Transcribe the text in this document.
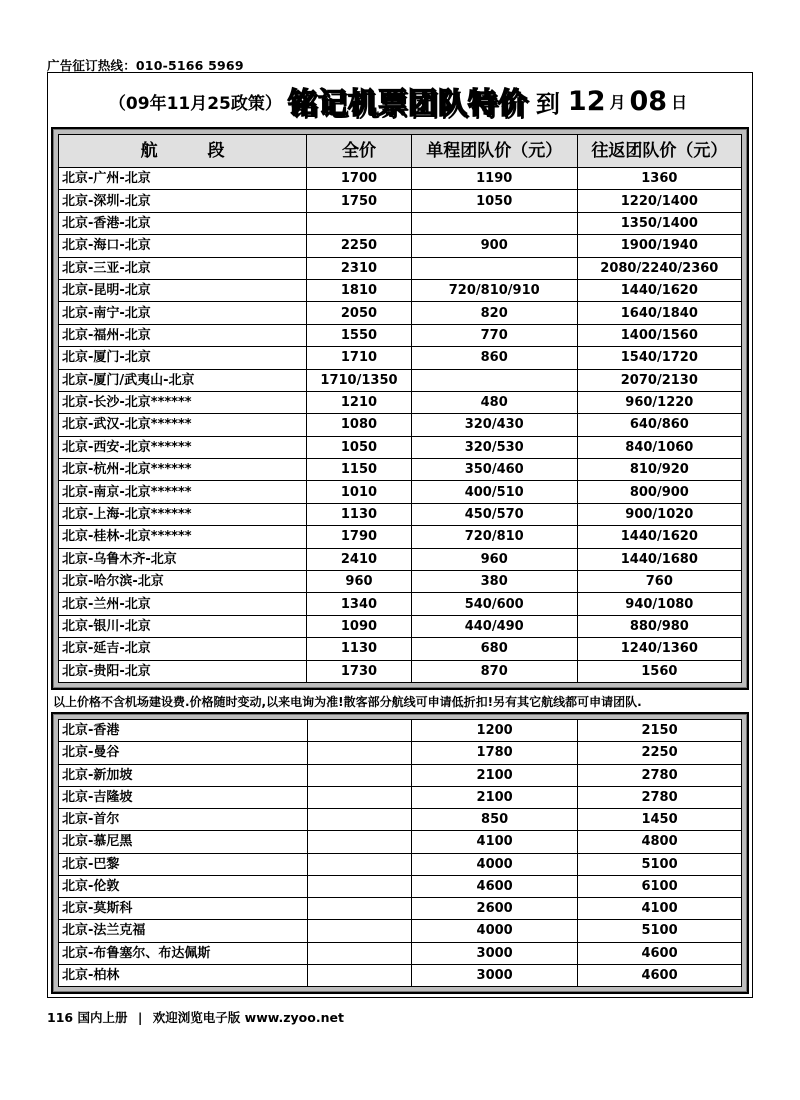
广告征订热线：010-5166 5969
（09年11月25政策） 铭记机票团队特价 到 12 月 08 日
航 段	全价	单程团队价（元）	往返团队价（元）
北京-广州-北京	1700	1190	1360
北京-深圳-北京	1750	1050	1220/1400
北京-香港-北京			1350/1400
北京-海口-北京	2250	900	1900/1940
北京-三亚-北京	2310		2080/2240/2360
北京-昆明-北京	1810	720/810/910	1440/1620
北京-南宁-北京	2050	820	1640/1840
北京-福州-北京	1550	770	1400/1560
北京-厦门-北京	1710	860	1540/1720
北京-厦门/武夷山-北京	1710/1350		2070/2130
北京-长沙-北京******	1210	480	960/1220
北京-武汉-北京******	1080	320/430	640/860
北京-西安-北京******	1050	320/530	840/1060
北京-杭州-北京******	1150	350/460	810/920
北京-南京-北京******	1010	400/510	800/900
北京-上海-北京******	1130	450/570	900/1020
北京-桂林-北京******	1790	720/810	1440/1620
北京-乌鲁木齐-北京	2410	960	1440/1680
北京-哈尔滨-北京	960	380	760
北京-兰州-北京	1340	540/600	940/1080
北京-银川-北京	1090	440/490	880/980
北京-延吉-北京	1130	680	1240/1360
北京-贵阳-北京	1730	870	1560
以上价格不含机场建设费.价格随时变动,以来电询为准!散客部分航线可申请低折扣!另有其它航线都可申请团队.
北京-香港		1200	2150
北京-曼谷		1780	2250
北京-新加坡		2100	2780
北京-吉隆坡		2100	2780
北京-首尔		850	1450
北京-慕尼黑		4100	4800
北京-巴黎		4000	5100
北京-伦敦		4600	6100
北京-莫斯科		2600	4100
北京-法兰克福		4000	5100
北京-布鲁塞尔、布达佩斯		3000	4600
北京-柏林		3000	4600
116 国内上册 | 欢迎浏览电子版 www.zyoo.net
